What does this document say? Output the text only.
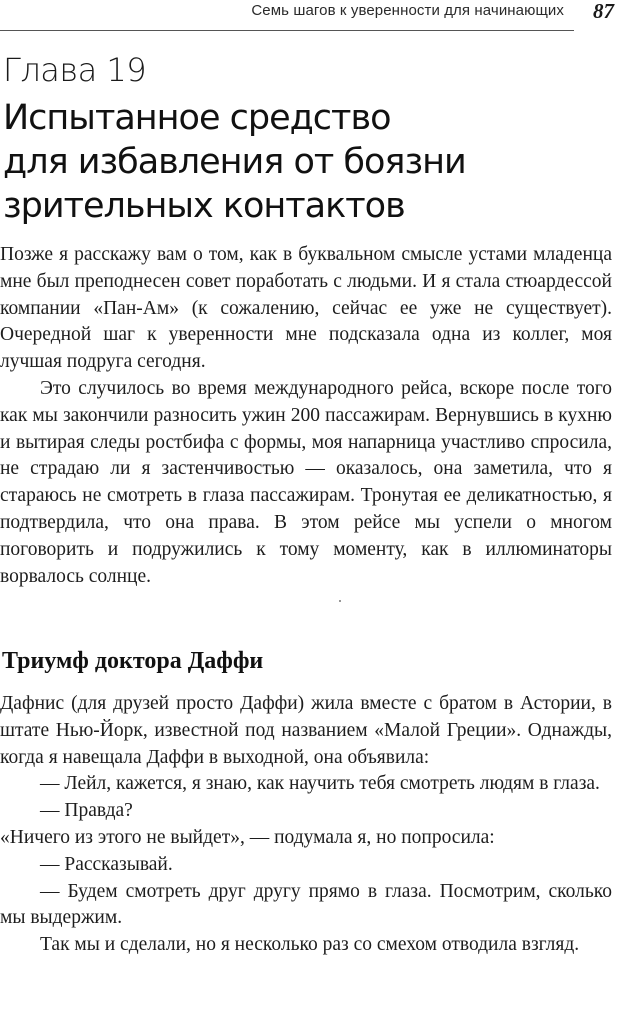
Семь шагов к уверенности для начинающих 87
Глава 19
Испытанное средство
для избавления от боязни
зрительных контактов

Позже я расскажу вам о том, как в буквальном смысле устами младенца мне был преподнесен совет поработать с людьми. И я стала стюардессой компании «Пан-Ам» (к сожалению, сейчас ее уже не существует). Очередной шаг к уверенности мне подсказала одна из коллег, моя лучшая подруга сегодня.

Это случилось во время международного рейса, вскоре после того как мы закончили разносить ужин 200 пассажирам. Вернувшись в кухню и вытирая следы ростбифа с формы, моя напарница участливо спросила, не страдаю ли я застенчивостью — оказалось, она заметила, что я стараюсь не смотреть в глаза пассажирам. Тронутая ее деликатностью, я подтвердила, что она права. В этом рейсе мы успели о многом поговорить и подружились к тому моменту, как в иллюминаторы ворвалось солнце.

Триумф доктора Даффи

Дафнис (для друзей просто Даффи) жила вместе с братом в Астории, в штате Нью-Йорк, известной под названием «Малой Греции». Однажды, когда я навещала Даффи в выходной, она объявила:

— Лейл, кажется, я знаю, как научить тебя смотреть людям в глаза.

— Правда?

«Ничего из этого не выйдет», — подумала я, но попросила:

— Рассказывай.

— Будем смотреть друг другу прямо в глаза. Посмотрим, сколько мы выдержим.

Так мы и сделали, но я несколько раз со смехом отводила взгляд.
